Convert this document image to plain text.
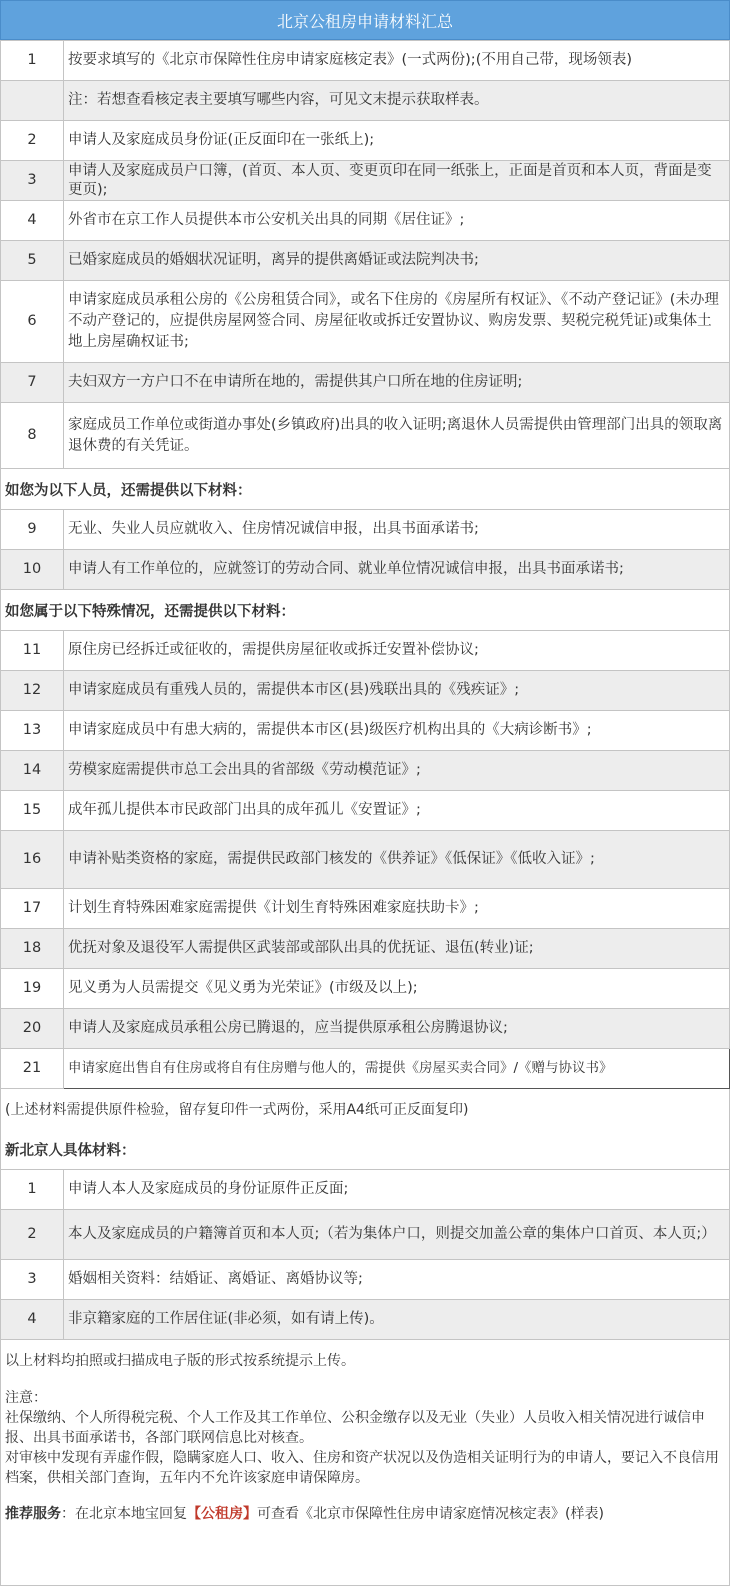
北京公租房申请材料汇总
1	按要求填写的《北京市保障性住房申请家庭核定表》(一式两份);(不用自己带，现场领表)
	注：若想查看核定表主要填写哪些内容，可见文末提示获取样表。
2	申请人及家庭成员身份证(正反面印在一张纸上);
3	申请人及家庭成员户口簿，(首页、本人页、变更页印在同一纸张上，正面是首页和本人页，背面是变更页);

4	外省市在京工作人员提供本市公安机关出具的同期《居住证》;
5	已婚家庭成员的婚姻状况证明，离异的提供离婚证或法院判决书;
6	申请家庭成员承租公房的《公房租赁合同》，或名下住房的《房屋所有权证》、《不动产登记证》(未办理不动产登记的，应提供房屋网签合同、房屋征收或拆迁安置协议、购房发票、契税完税凭证)或集体土地上房屋确权证书;
7	夫妇双方一方户口不在申请所在地的，需提供其户口所在地的住房证明;
8	家庭成员工作单位或街道办事处(乡镇政府)出具的收入证明;离退休人员需提供由管理部门出具的领取离退休费的有关凭证。
如您为以下人员，还需提供以下材料：
9	无业、失业人员应就收入、住房情况诚信申报，出具书面承诺书;
10	申请人有工作单位的，应就签订的劳动合同、就业单位情况诚信申报，出具书面承诺书;
如您属于以下特殊情况，还需提供以下材料：
11	原住房已经拆迁或征收的，需提供房屋征收或拆迁安置补偿协议;
12	申请家庭成员有重残人员的，需提供本市区(县)残联出具的《残疾证》;
13	申请家庭成员中有患大病的，需提供本市区(县)级医疗机构出具的《大病诊断书》;
14	劳模家庭需提供市总工会出具的省部级《劳动模范证》;
15	成年孤儿提供本市民政部门出具的成年孤儿《安置证》;
16	申请补贴类资格的家庭，需提供民政部门核发的《供养证》《低保证》《低收入证》;
17	计划生育特殊困难家庭需提供《计划生育特殊困难家庭扶助卡》;
18	优抚对象及退役军人需提供区武装部或部队出具的优抚证、退伍(转业)证;
19	见义勇为人员需提交《见义勇为光荣证》(市级及以上);
20	申请人及家庭成员承租公房已腾退的，应当提供原承租公房腾退协议;
21	申请家庭出售自有住房或将自有住房赠与他人的，需提供《房屋买卖合同》/《赠与协议书》
(上述材料需提供原件检验，留存复印件一式两份，采用A4纸可正反面复印)
新北京人具体材料：
1	申请人本人及家庭成员的身份证原件正反面;
2	本人及家庭成员的户籍簿首页和本人页;（若为集体户口，则提交加盖公章的集体户口首页、本人页;）
3	婚姻相关资料：结婚证、离婚证、离婚协议等;
4	非京籍家庭的工作居住证(非必须，如有请上传)。
以上材料均拍照或扫描成电子版的形式按系统提示上传。
注意：
社保缴纳、个人所得税完税、个人工作及其工作单位、公积金缴存以及无业（失业）人员收入相关情况进行诚信申报、出具书面承诺书，各部门联网信息比对核查。
对审核中发现有弄虚作假，隐瞒家庭人口、收入、住房和资产状况以及伪造相关证明行为的申请人，要记入不良信用档案，供相关部门查询，五年内不允许该家庭申请保障房。
推荐服务：在北京本地宝回复【公租房】可查看《北京市保障性住房申请家庭情况核定表》(样表)
